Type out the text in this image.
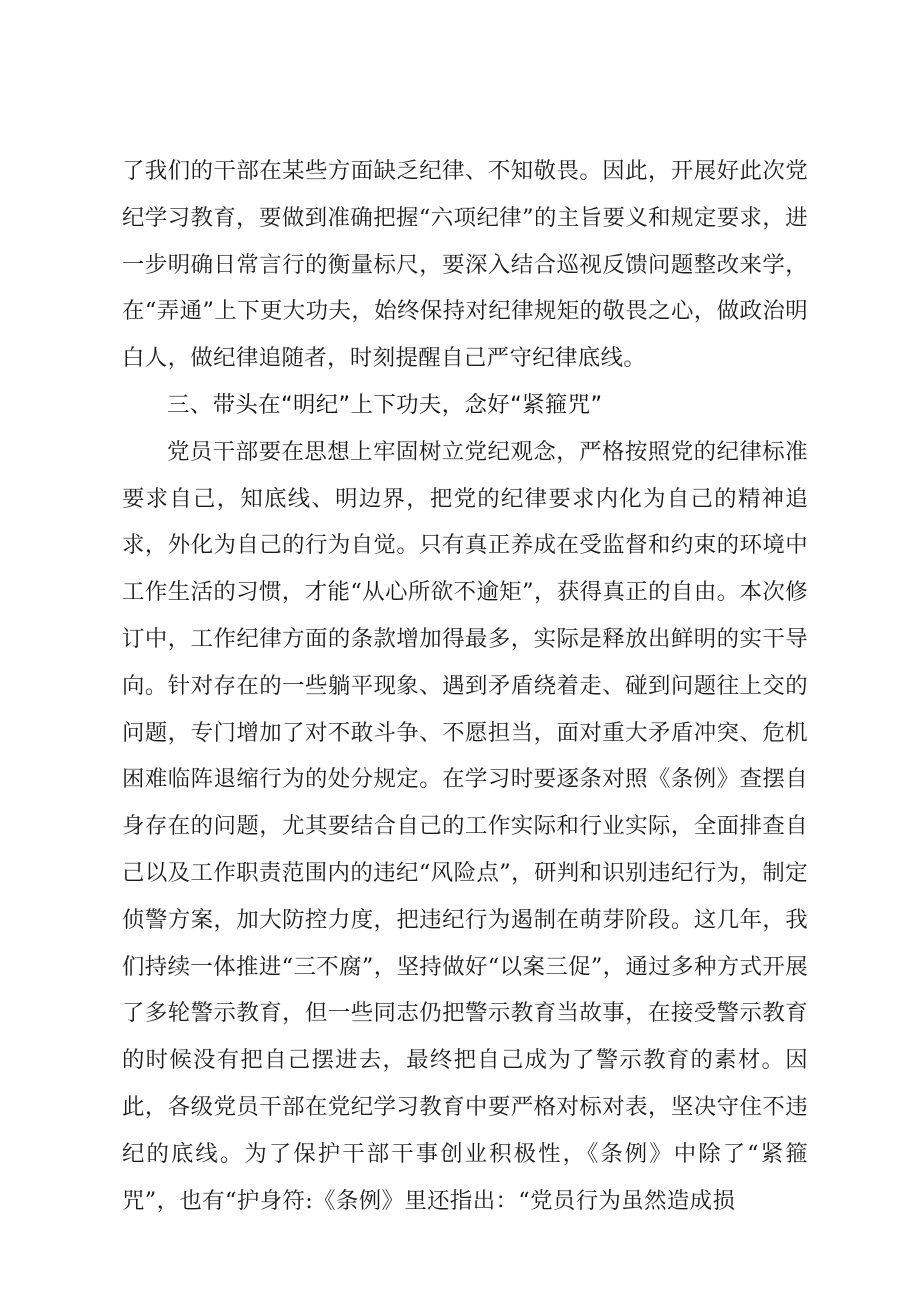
了我们的干部在某些方面缺乏纪律、不知敬畏。因此，开展好此次党纪学习教育，要做到准确把握“六项纪律”的主旨要义和规定要求，进一步明确日常言行的衡量标尺，要深入结合巡视反馈问题整改来学，在“弄通”上下更大功夫，始终保持对纪律规矩的敬畏之心，做政治明白人，做纪律追随者，时刻提醒自己严守纪律底线。

三、带头在“明纪”上下功夫，念好“紧箍咒”

党员干部要在思想上牢固树立党纪观念，严格按照党的纪律标准要求自己，知底线、明边界，把党的纪律要求内化为自己的精神追求，外化为自己的行为自觉。只有真正养成在受监督和约束的环境中工作生活的习惯，才能“从心所欲不逾矩”，获得真正的自由。本次修订中，工作纪律方面的条款增加得最多，实际是释放出鲜明的实干导向。针对存在的一些躺平现象、遇到矛盾绕着走、碰到问题往上交的问题，专门增加了对不敢斗争、不愿担当，面对重大矛盾冲突、危机困难临阵退缩行为的处分规定。在学习时要逐条对照《条例》查摆自身存在的问题，尤其要结合自己的工作实际和行业实际，全面排查自己以及工作职责范围内的违纪“风险点”，研判和识别违纪行为，制定侦警方案，加大防控力度，把违纪行为遏制在萌芽阶段。这几年，我们持续一体推进“三不腐”，坚持做好“以案三促”，通过多种方式开展了多轮警示教育，但一些同志仍把警示教育当故事，在接受警示教育的时候没有把自己摆进去，最终把自己成为了警示教育的素材。因此，各级党员干部在党纪学习教育中要严格对标对表，坚决守住不违纪的底线。为了保护干部干事创业积极性，《条例》中除了“紧箍咒”，也有“护身符:《条例》里还指出：“党员行为虽然造成损
